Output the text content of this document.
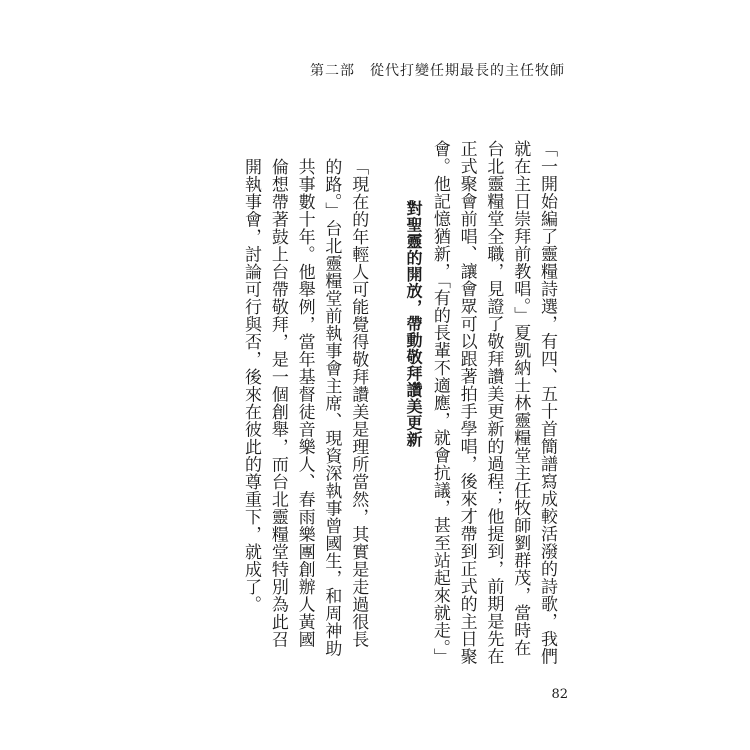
第二部　從代打變任期最長的主任牧師

「一開始編了靈糧詩選，有四、五十首簡譜寫成較活潑的詩歌，我們就在主日崇拜前教唱。」夏凱納士林靈糧堂主任牧師劉群茂，當時在台北靈糧堂全職，見證了敬拜讚美更新的過程；他提到，前期是先在正式聚會前唱、讓會眾可以跟著拍手學唱，後來才帶到正式的主日聚會。他記憶猶新，「有的長輩不適應，就會抗議，甚至站起來就走。」

對聖靈的開放，帶動敬拜讚美更新

「現在的年輕人可能覺得敬拜讚美是理所當然，其實是走過很長的路。」台北靈糧堂前執事會主席、現資深執事曾國生，和周神助共事數十年。他舉例，當年基督徒音樂人、春雨樂團創辦人黃國倫想帶著鼓上台帶敬拜，是一個創舉，而台北靈糧堂特別為此召開執事會，討論可行與否，後來在彼此的尊重下，就成了。

82
